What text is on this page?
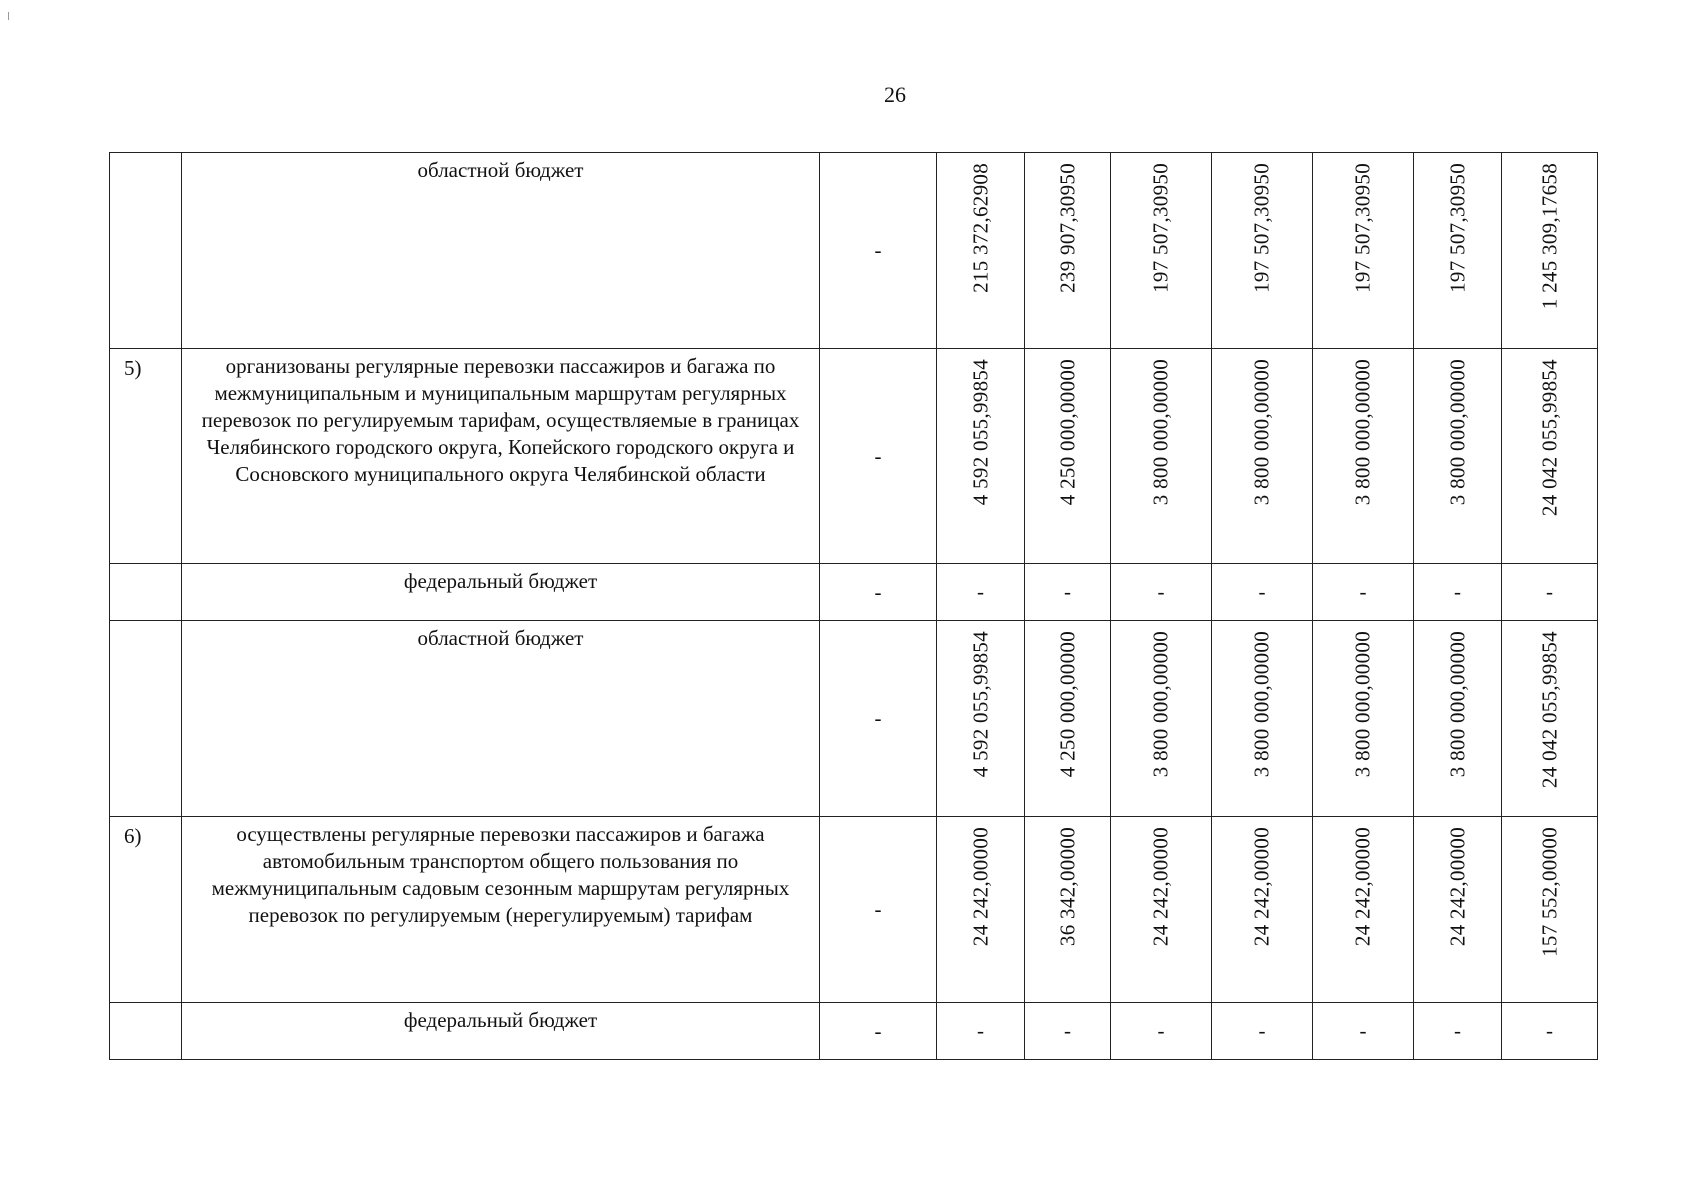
26
	областной бюджет	-	215 372,62908	239 907,30950	197 507,30950	197 507,30950	197 507,30950	197 507,30950	1 245 309,17658

5)	организованы регулярные перевозки пассажиров и багажа по межмуниципальным и муниципальным маршрутам регулярных перевозок по регулируемым тарифам, осуществляемые в границах Челябинского городского округа, Копейского городского округа и Сосновского муниципального округа Челябинской области	-	4 592 055,99854	4 250 000,00000	3 800 000,00000	3 800 000,00000	3 800 000,00000	3 800 000,00000	24 042 055,99854

	федеральный бюджет	-	-	-	-	-	-	-	-

	областной бюджет	-	4 592 055,99854	4 250 000,00000	3 800 000,00000	3 800 000,00000	3 800 000,00000	3 800 000,00000	24 042 055,99854

6)	осуществлены регулярные перевозки пассажиров и багажа автомобильным транспортом общего пользования по межмуниципальным садовым сезонным маршрутам регулярных перевозок по регулируемым (нерегулируемым) тарифам	-	24 242,00000	36 342,00000	24 242,00000	24 242,00000	24 242,00000	24 242,00000	157 552,00000

	федеральный бюджет	-	-	-	-	-	-	-	-
